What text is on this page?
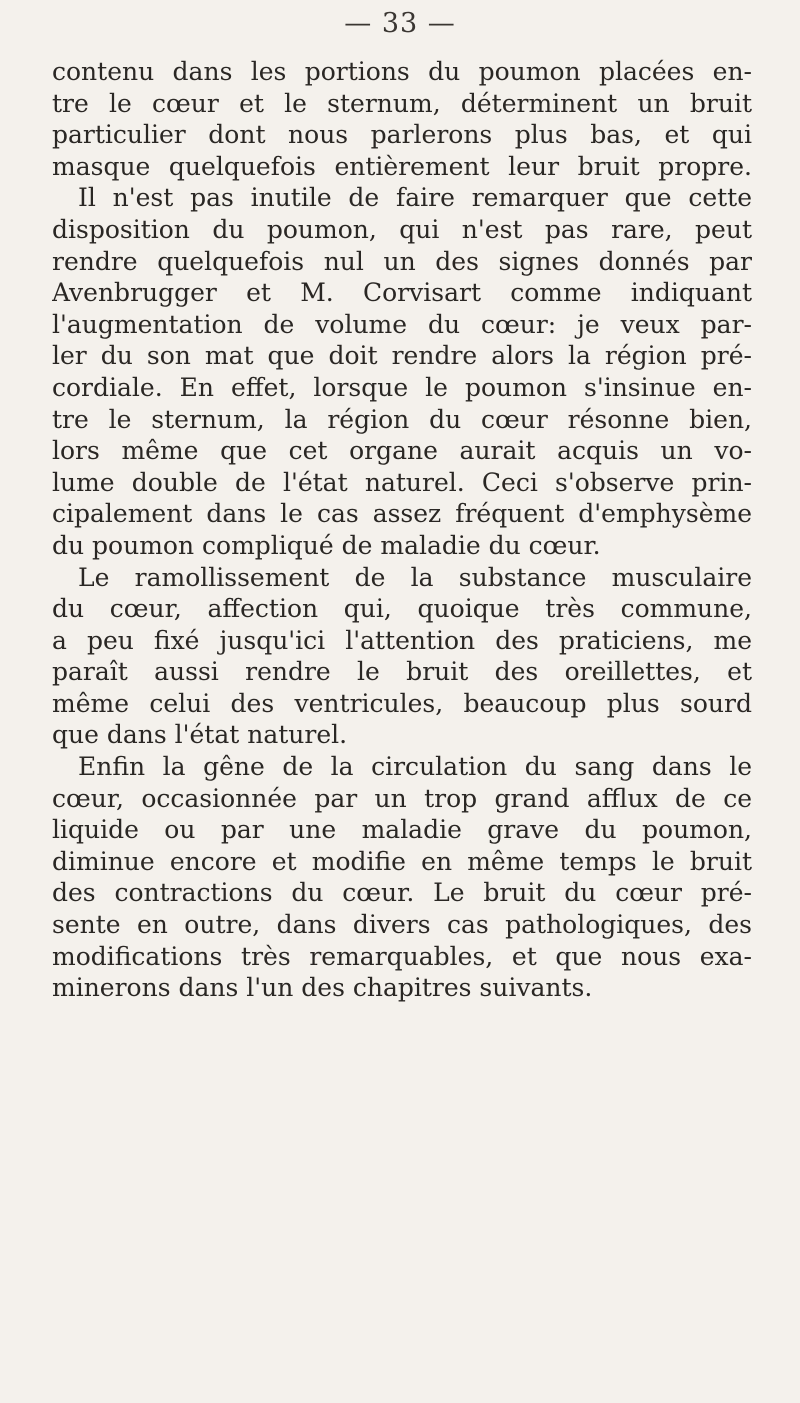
— 33 —
contenu dans les portions du poumon placées en-
tre le cœur et le sternum, déterminent un bruit
particulier dont nous parlerons plus bas, et qui
masque quelquefois entièrement leur bruit propre.
Il n'est pas inutile de faire remarquer que cette
disposition du poumon, qui n'est pas rare, peut
rendre quelquefois nul un des signes donnés par
Avenbrugger et M. Corvisart comme indiquant
l'augmentation de volume du cœur: je veux par-
ler du son mat que doit rendre alors la région pré-
cordiale. En effet, lorsque le poumon s'insinue en-
tre le sternum, la région du cœur résonne bien,
lors même que cet organe aurait acquis un vo-
lume double de l'état naturel. Ceci s'observe prin-
cipalement dans le cas assez fréquent d'emphysème
du poumon compliqué de maladie du cœur.
Le ramollissement de la substance musculaire
du cœur, affection qui, quoique très commune,
a peu fixé jusqu'ici l'attention des praticiens, me
paraît aussi rendre le bruit des oreillettes, et
même celui des ventricules, beaucoup plus sourd
que dans l'état naturel.
Enfin la gêne de la circulation du sang dans le
cœur, occasionnée par un trop grand afflux de ce
liquide ou par une maladie grave du poumon,
diminue encore et modifie en même temps le bruit
des contractions du cœur. Le bruit du cœur pré-
sente en outre, dans divers cas pathologiques, des
modifications très remarquables, et que nous exa-
minerons dans l'un des chapitres suivants.
